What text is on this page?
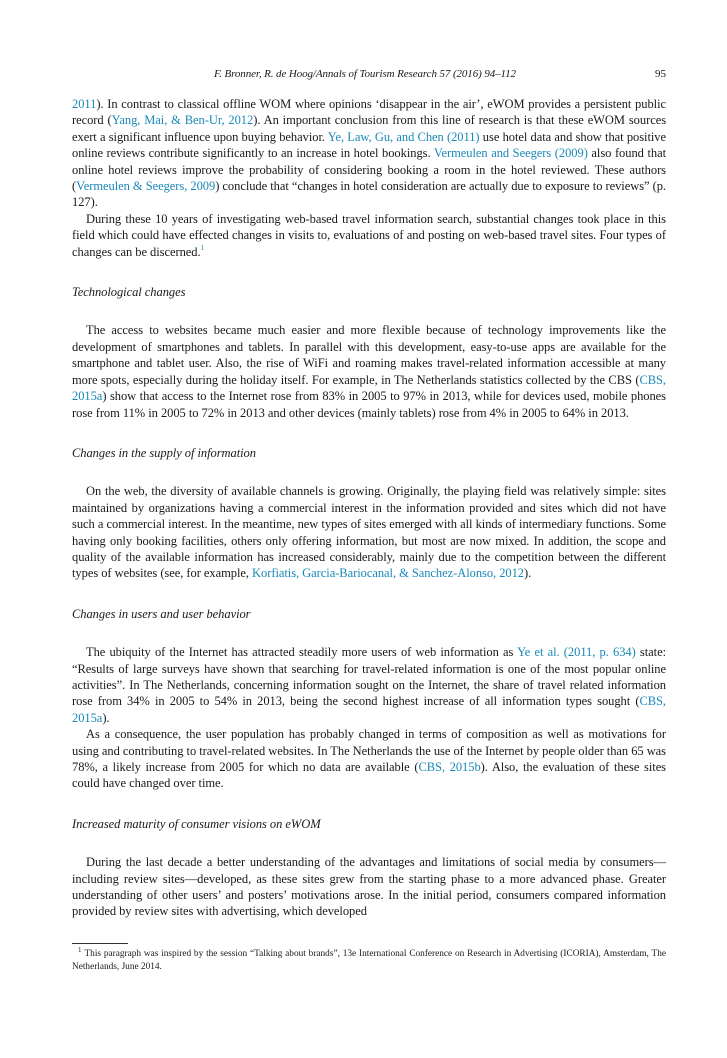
F. Bronner, R. de Hoog/Annals of Tourism Research 57 (2016) 94–112	95

2011). In contrast to classical offline WOM where opinions ‘disappear in the air’, eWOM provides a persistent public record (Yang, Mai, & Ben-Ur, 2012). An important conclusion from this line of research is that these eWOM sources exert a significant influence upon buying behavior. Ye, Law, Gu, and Chen (2011) use hotel data and show that positive online reviews contribute significantly to an increase in hotel bookings. Vermeulen and Seegers (2009) also found that online hotel reviews improve the probability of considering booking a room in the hotel reviewed. These authors (Vermeulen & Seegers, 2009) conclude that “changes in hotel consideration are actually due to exposure to reviews” (p. 127).

During these 10 years of investigating web-based travel information search, substantial changes took place in this field which could have effected changes in visits to, evaluations of and posting on web-based travel sites. Four types of changes can be discerned.$^1$

Technological changes

The access to websites became much easier and more flexible because of technology improvements like the development of smartphones and tablets. In parallel with this development, easy-to-use apps are available for the smartphone and tablet user. Also, the rise of WiFi and roaming makes travel-related information accessible at many more spots, especially during the holiday itself. For example, in The Netherlands statistics collected by the CBS (CBS, 2015a) show that access to the Internet rose from 83% in 2005 to 97% in 2013, while for devices used, mobile phones rose from 11% in 2005 to 72% in 2013 and other devices (mainly tablets) rose from 4% in 2005 to 64% in 2013.

Changes in the supply of information

On the web, the diversity of available channels is growing. Originally, the playing field was relatively simple: sites maintained by organizations having a commercial interest in the information provided and sites which did not have such a commercial interest. In the meantime, new types of sites emerged with all kinds of intermediary functions. Some having only booking facilities, others only offering information, but most are now mixed. In addition, the scope and quality of the available information has increased considerably, mainly due to the competition between the different types of websites (see, for example, Korfiatis, Garcia-Bariocanal, & Sanchez-Alonso, 2012).

Changes in users and user behavior

The ubiquity of the Internet has attracted steadily more users of web information as Ye et al. (2011, p. 634) state: “Results of large surveys have shown that searching for travel-related information is one of the most popular online activities”. In The Netherlands, concerning information sought on the Internet, the share of travel related information rose from 34% in 2005 to 54% in 2013, being the second highest increase of all information types sought (CBS, 2015a).

As a consequence, the user population has probably changed in terms of composition as well as motivations for using and contributing to travel-related websites. In The Netherlands the use of the Internet by people older than 65 was 78%, a likely increase from 2005 for which no data are available (CBS, 2015b). Also, the evaluation of these sites could have changed over time.

Increased maturity of consumer visions on eWOM

During the last decade a better understanding of the advantages and limitations of social media by consumers—including review sites—developed, as these sites grew from the starting phase to a more advanced phase. Greater understanding of other users’ and posters’ motivations arose. In the initial period, consumers compared information provided by review sites with advertising, which developed

$^1$ This paragraph was inspired by the session “Talking about brands”, 13e International Conference on Research in Advertising (ICORIA), Amsterdam, The Netherlands, June 2014.
